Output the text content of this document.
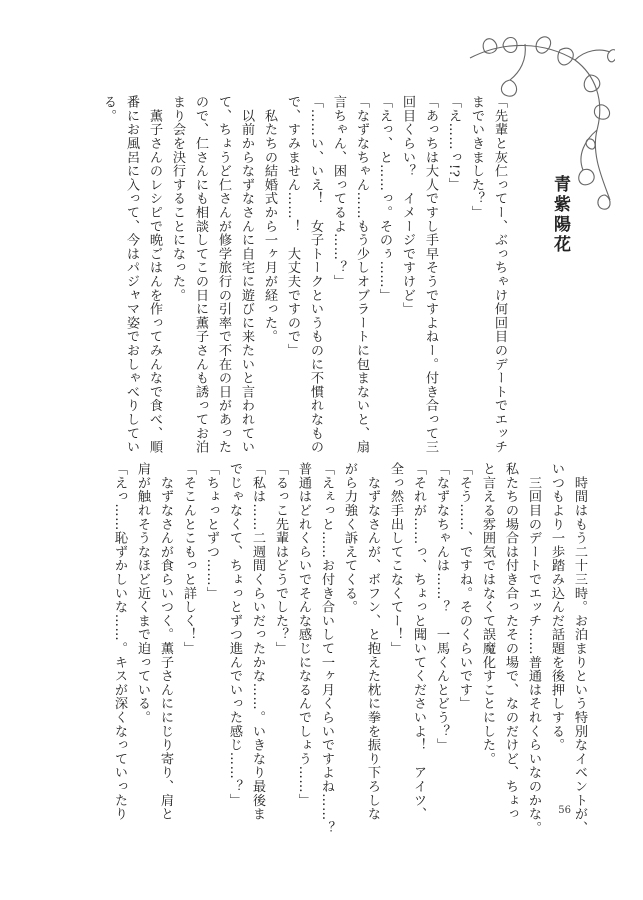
青紫陽花

「先輩と灰仁ってー、ぶっちゃけ何回目のデートでエッチ

までいきました？」

「え……っ!?」

「あっちは大人ですし手早そうですよねー。付き合って三

回目くらい？　イメージですけど」

「えっ、と……っ。そのぅ……」

「なずなちゃん……もう少しオブラートに包まないと、扇

言ちゃん、困ってるよ……？」

「……い、いえ！　女子トークというものに不慣れなもの

で、すみません……！　大丈夫ですので」

　私たちの結婚式から一ヶ月が経った。

　以前からなずなさんに自宅に遊びに来たいと言われてい

て、ちょうど仁さんが修学旅行の引率で不在の日があった

ので、仁さんにも相談してこの日に薫子さんも誘ってお泊

まり会を決行することになった。

　薫子さんのレシピで晩ごはんを作ってみんなで食べ、順

番にお風呂に入って、今はパジャマ姿でおしゃべりしてい

る。

　時間はもう二十三時。お泊まりという特別なイベントが、

いつもより一歩踏み込んだ話題を後押しする。

　三回目のデートでエッチ……普通はそれくらいなのかな。

私たちの場合は付き合ったその場で、なのだけど、ちょっ

と言える雰囲気ではなくて誤魔化すことにした。

「そう……、ですね。そのくらいです」

「なずなちゃんは……？　一馬くんとどう？」

「それが……っ、ちょっと聞いてくださいよ！　アイツ、

全っ然手出してこなくてー！」

　なずなさんが、ボフン、と抱えた枕に拳を振り下ろしな

がら力強く訴えてくる。

「えぇっと……お付き合いして一ヶ月くらいですよね……？

普通はどれくらいでそんな感じになるんでしょう……」

「るっこ先輩はどうでした？」

「私は……二週間くらいだったかな……。いきなり最後ま

でじゃなくて、ちょっとずつ進んでいった感じ……？」

「ちょっとずつ……」

「そこんとこもっと詳しく！」

　なずなさんが食らいつく。薫子さんににじり寄り、肩と

肩が触れそうなほど近くまで迫っている。

「えっ……恥ずかしいな……。キスが深くなっていったり	56
